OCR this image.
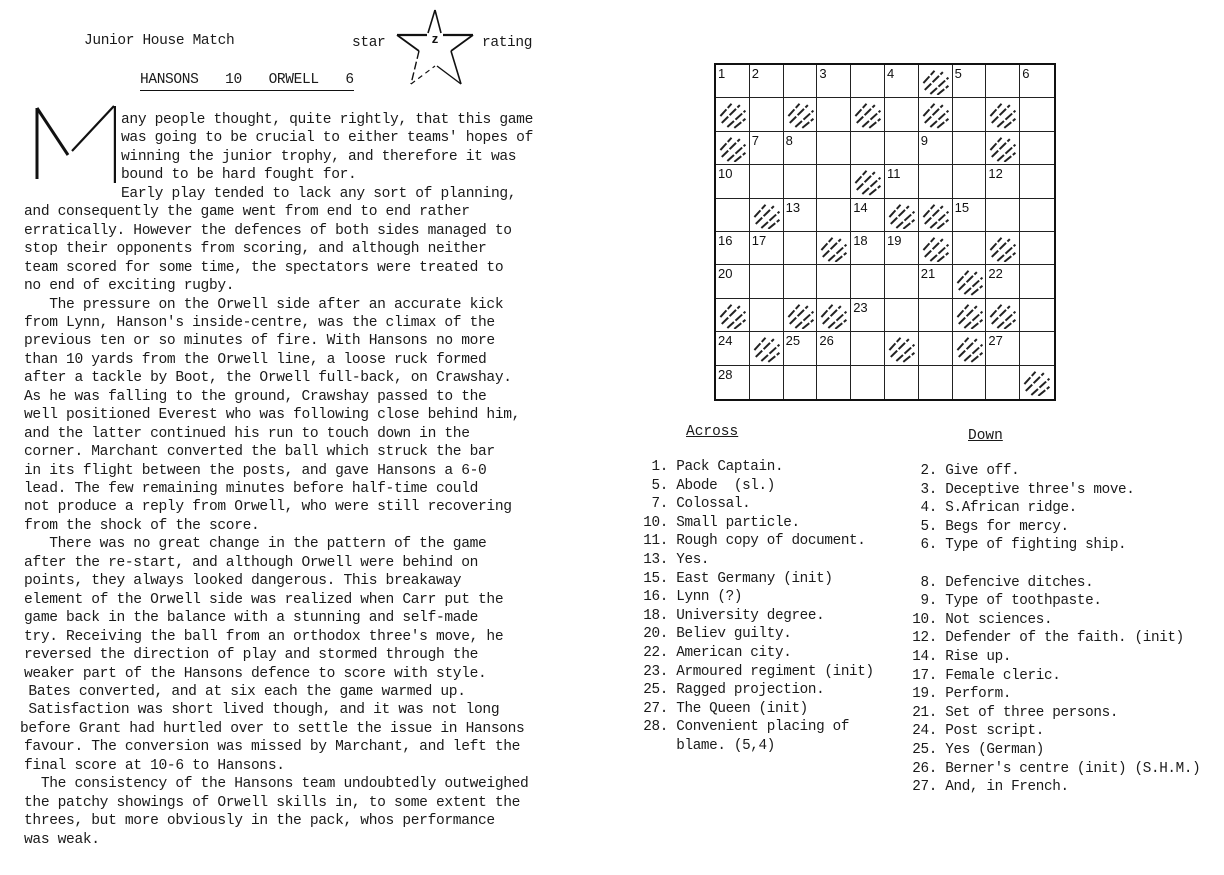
Junior House Match	star	z	rating
HANSONS  10  ORWELL  6
any people thought, quite rightly, that this game
was going to be crucial to either teams' hopes of
winning the junior trophy, and therefore it was
bound to be hard fought for.
Early play tended to lack any sort of planning,
and consequently the game went from end to end rather
erratically. However the defences of both sides managed to
stop their opponents from scoring, and although neither
team scored for some time, the spectators were treated to
no end of exciting rugby.
The pressure on the Orwell side after an accurate kick
from Lynn, Hanson's inside-centre, was the climax of the
previous ten or so minutes of fire. With Hansons no more
than 10 yards from the Orwell line, a loose ruck formed
after a tackle by Boot, the Orwell full-back, on Crawshay.
As he was falling to the ground, Crawshay passed to the
well positioned Everest who was following close behind him,
and the latter continued his run to touch down in the
corner. Marchant converted the ball which struck the bar
in its flight between the posts, and gave Hansons a 6-0
lead. The few remaining minutes before half-time could
not produce a reply from Orwell, who were still recovering
from the shock of the score.
There was no great change in the pattern of the game
after the re-start, and although Orwell were behind on
points, they always looked dangerous. This breakaway
element of the Orwell side was realized when Carr put the
game back in the balance with a stunning and self-made
try. Receiving the ball from an orthodox three's move, he
reversed the direction of play and stormed through the
weaker part of the Hansons defence to score with style.
Bates converted, and at six each the game warmed up.
Satisfaction was short lived though, and it was not long
before Grant had hurtled over to settle the issue in Hansons
favour. The conversion was missed by Marchant, and left the
final score at 10-6 to Hansons.
The consistency of the Hansons team undoubtedly outweighed
the patchy showings of Orwell skills in, to some extent the
threes, but more obviously in the pack, whos performance
was weak.
1 2	3	4	5	6
7 8	9
10	11	12
13	14	15
16 17	18 19
20	21	22
23
24	25 26	27
28
Across	Down
1. Pack Captain.
5. Abode  (sl.)
7. Colossal.
10. Small particle.
11. Rough copy of document.
13. Yes.
15. East Germany (init)
16. Lynn (?)
18. University degree.
20. Believ guilty.
22. American city.
23. Armoured regiment (init)
25. Ragged projection.
27. The Queen (init)
28. Convenient placing of
blame. (5,4)
2. Give off.
3. Deceptive three's move.
4. S.African ridge.
5. Begs for mercy.
6. Type of fighting ship.

8. Defencive ditches.
9. Type of toothpaste.
10. Not sciences.
12. Defender of the faith. (init)
14. Rise up.
17. Female cleric.
19. Perform.
21. Set of three persons.
24. Post script.
25. Yes (German)
26. Berner's centre (init) (S.H.M.)
27. And, in French.
